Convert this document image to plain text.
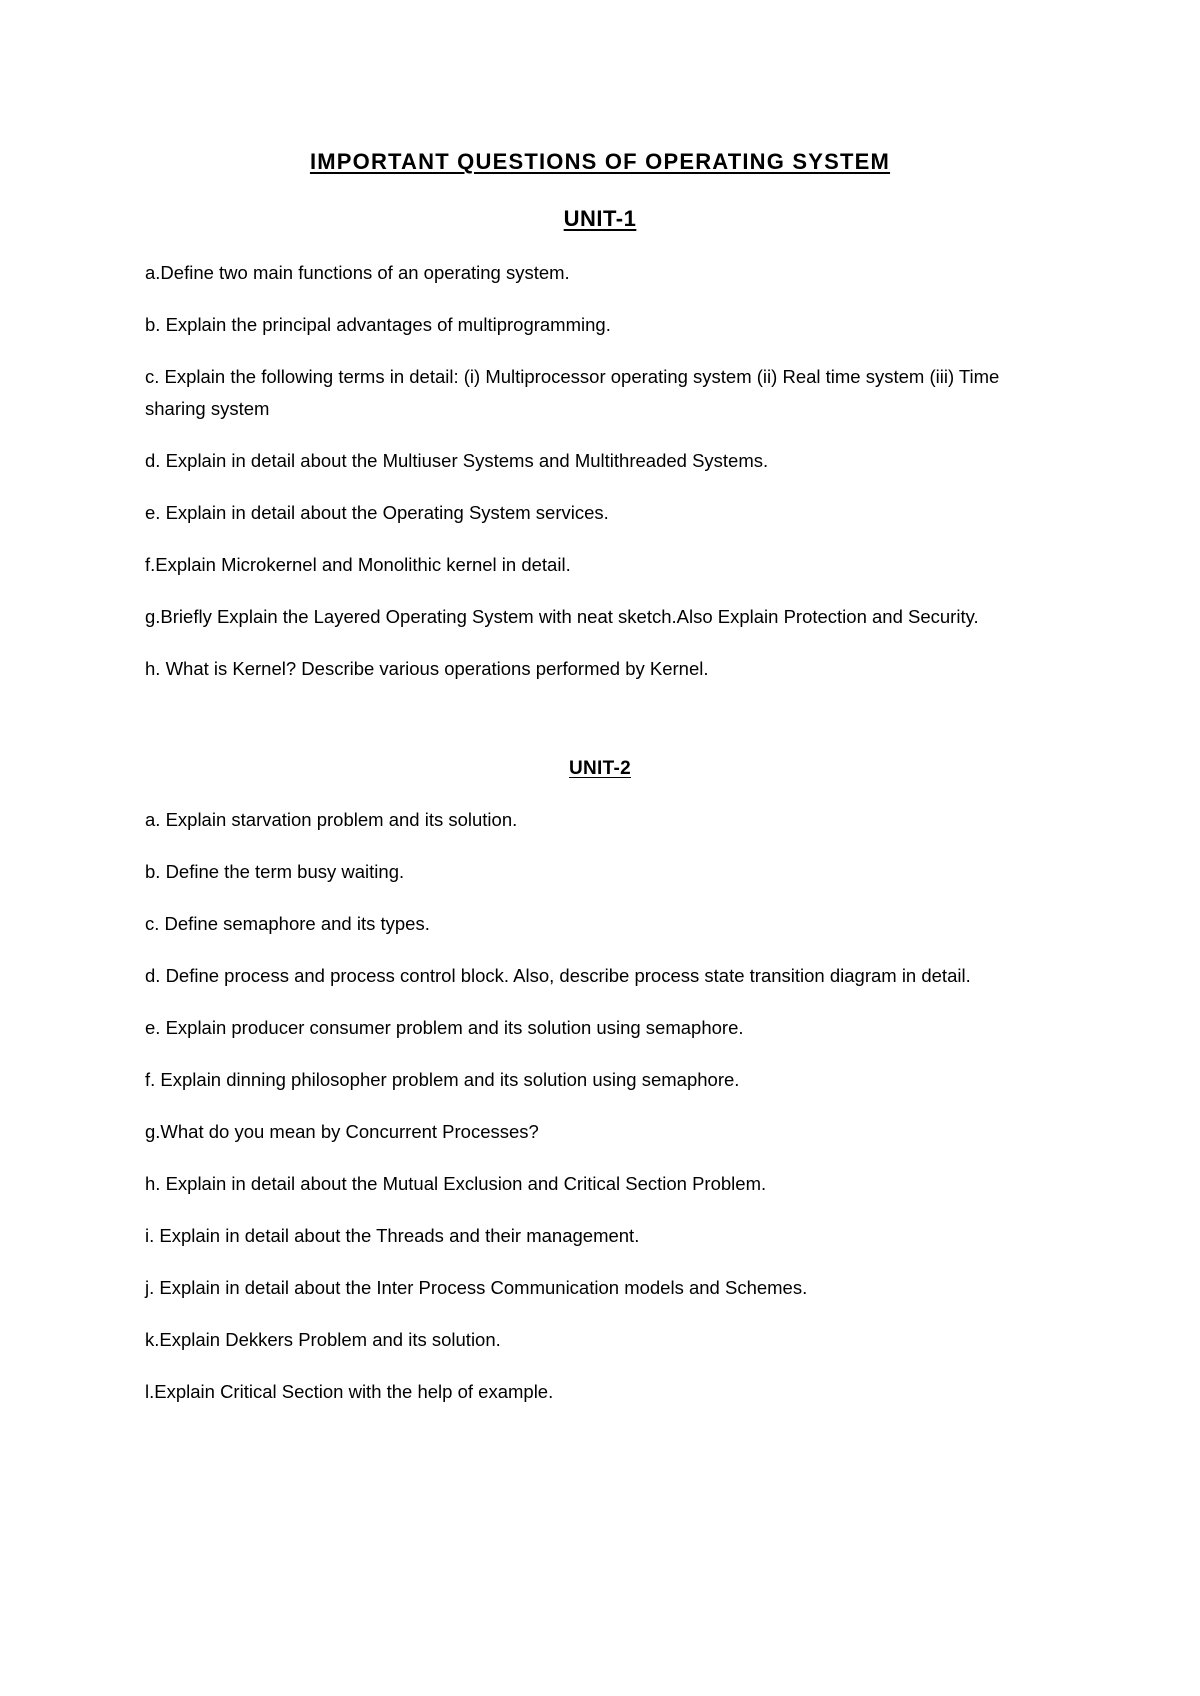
IMPORTANT QUESTIONS OF OPERATING SYSTEM
UNIT-1
a.Define two main functions of an operating system.
b. Explain the principal advantages of multiprogramming.
c. Explain the following terms in detail: (i) Multiprocessor operating system (ii) Real time system (iii) Time sharing system
d. Explain in detail about the Multiuser Systems and Multithreaded Systems.
e. Explain in detail about the Operating System services.
f.Explain Microkernel and Monolithic kernel in detail.
g.Briefly Explain the Layered Operating System with neat sketch.Also Explain Protection and Security.
h. What is Kernel? Describe various operations performed by Kernel.
UNIT-2
a. Explain starvation problem and its solution.
b. Define the term busy waiting.
c. Define semaphore and its types.
d. Define process and process control block. Also, describe process state transition diagram in detail.
e. Explain producer consumer problem and its solution using semaphore.
f. Explain dinning philosopher problem and its solution using semaphore.
g.What do you mean by Concurrent Processes?
h. Explain in detail about the Mutual Exclusion and Critical Section Problem.
i. Explain in detail about the Threads and their management.
j. Explain in detail about the Inter Process Communication models and Schemes.
k.Explain Dekkers Problem and its solution.
l.Explain Critical Section with the help of example.
